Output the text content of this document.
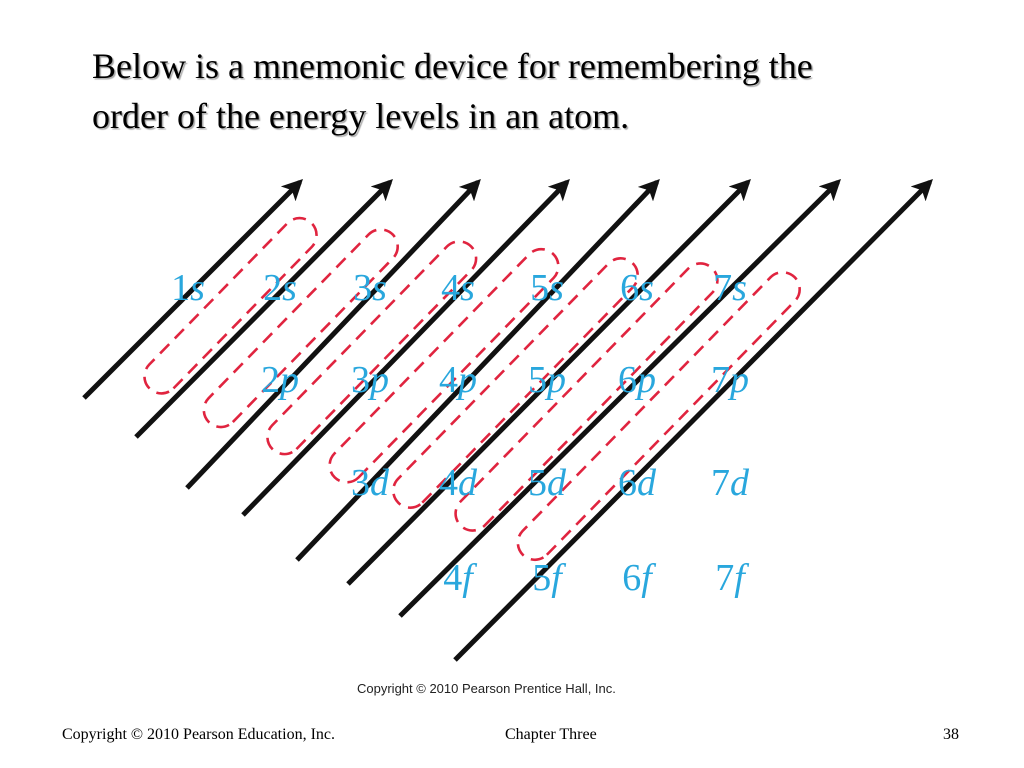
Below is a mnemonic device for remembering the
order of the energy levels in an atom.
1s 2s 3s 4s 5s 6s 7s
2p 3p 4p 5p 6p 7p
3d 4d 5d 6d 7d
4f 5f 6f 7f
Copyright © 2010 Pearson Prentice Hall, Inc.
Copyright © 2010 Pearson Education, Inc.	Chapter Three	38
